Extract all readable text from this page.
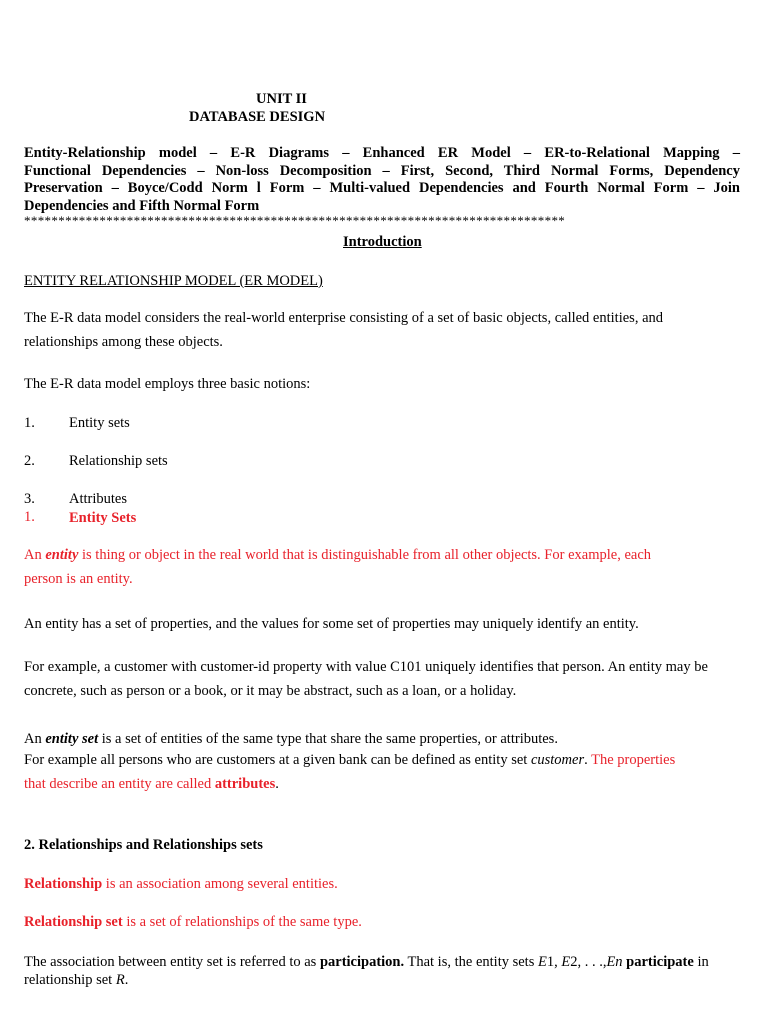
UNIT II
DATABASE DESIGN
Entity-Relationship model – E-R Diagrams – Enhanced ER Model – ER-to-Relational Mapping –
Functional Dependencies – Non-loss Decomposition – First, Second, Third Normal Forms, Dependency
Preservation – Boyce/Codd Norm l Form – Multi-valued Dependencies and Fourth Normal Form – Join
Dependencies and Fifth Normal Form
*******************************************************************************
Introduction
ENTITY RELATIONSHIP MODEL (ER MODEL)
The E-R data model considers the real-world enterprise consisting of a set of basic objects, called entities, and
relationships among these objects.
The E-R data model employs three basic notions:
1. Entity sets
2. Relationship sets
3. Attributes
1. Entity Sets
An entity is thing or object in the real world that is distinguishable from all other objects. For example, each
person is an entity.
An entity has a set of properties, and the values for some set of properties may uniquely identify an entity.
For example, a customer with customer-id property with value C101 uniquely identifies that person. An entity may be
concrete, such as person or a book, or it may be abstract, such as a loan, or a holiday.
An entity set is a set of entities of the same type that share the same properties, or attributes.
For example all persons who are customers at a given bank can be defined as entity set customer. The properties
that describe an entity are called attributes.
2. Relationships and Relationships sets
Relationship is an association among several entities.
Relationship set is a set of relationships of the same type.
The association between entity set is referred to as participation. That is, the entity sets E1, E2, . . .,En participate in
relationship set R.
